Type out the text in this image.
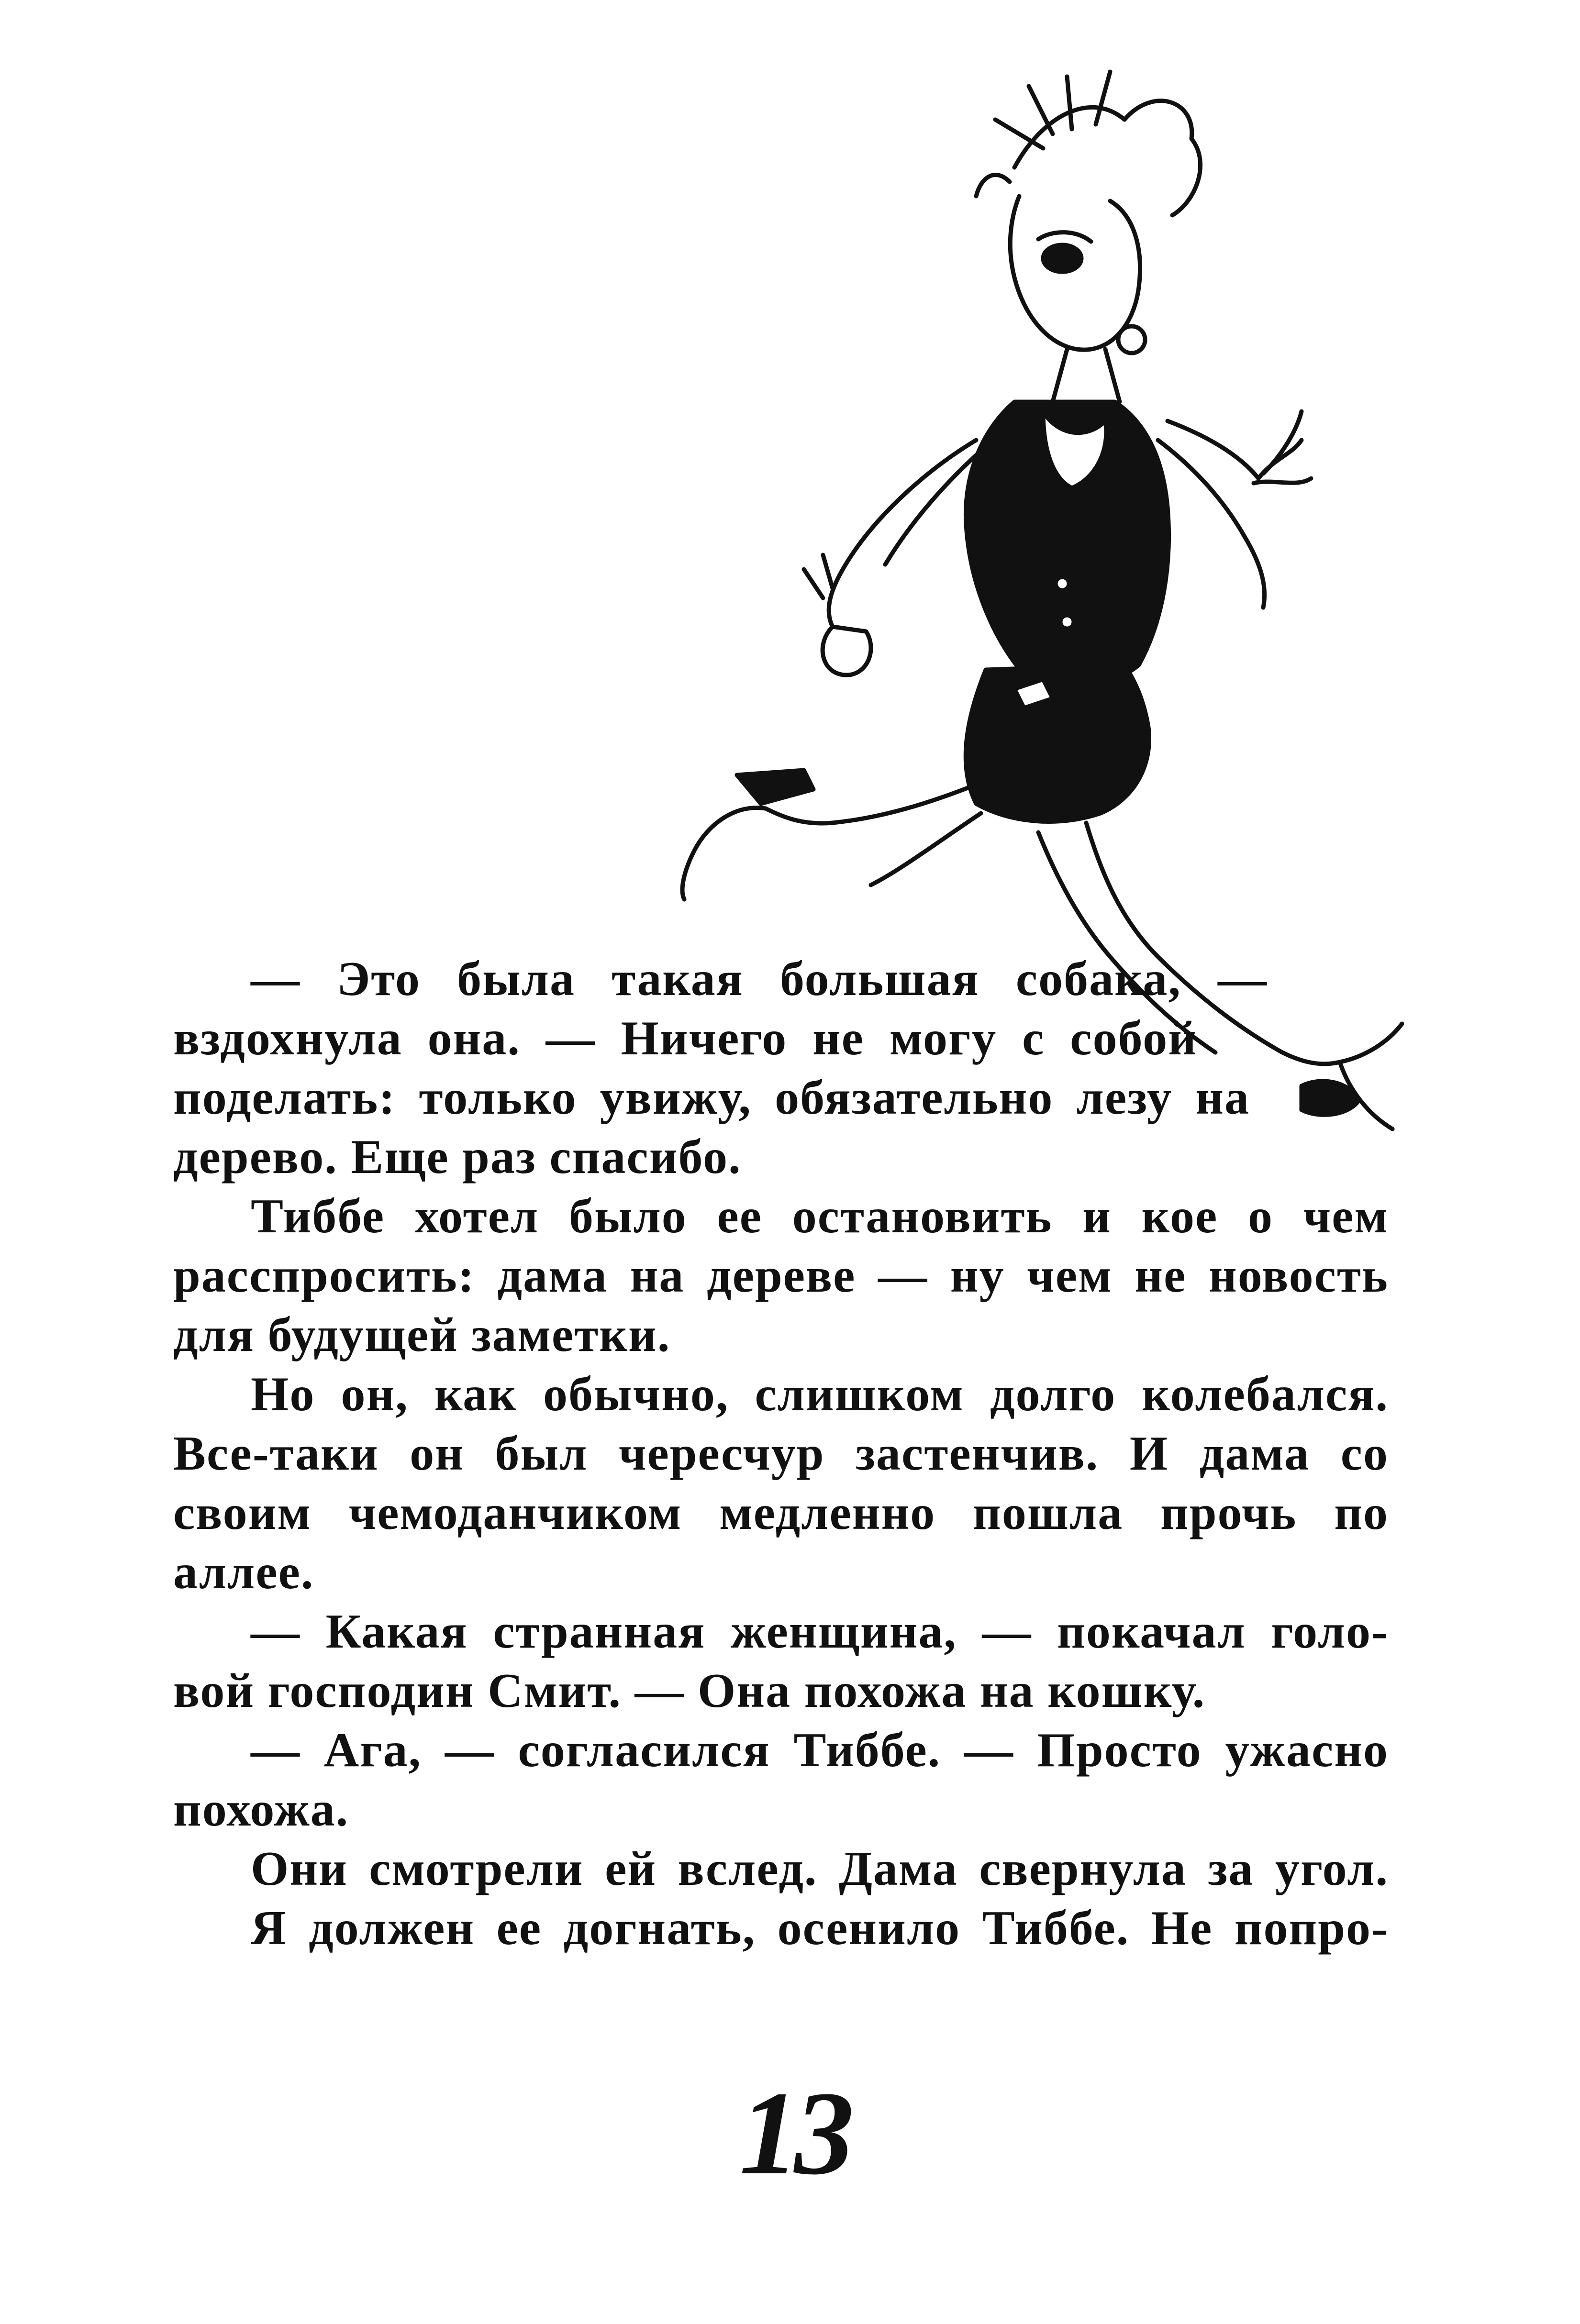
— Это была такая большая собака, —
вздохнула она. — Ничего не могу с собой
поделать: только увижу, обязательно лезу на
дерево. Еще раз спасибо.
Тиббе хотел было ее остановить и кое о чем
расспросить: дама на дереве — ну чем не новость
для будущей заметки.
Но он, как обычно, слишком долго колебался.
Все-таки он был чересчур застенчив. И дама со
своим чемоданчиком медленно пошла прочь по
аллее.
— Какая странная женщина, — покачал голо-
вой господин Смит. — Она похожа на кошку.
— Ага, — согласился Тиббе. — Просто ужасно
похожа.
Они смотрели ей вслед. Дама свернула за угол.
Я должен ее догнать, осенило Тиббе. Не попро-
13
